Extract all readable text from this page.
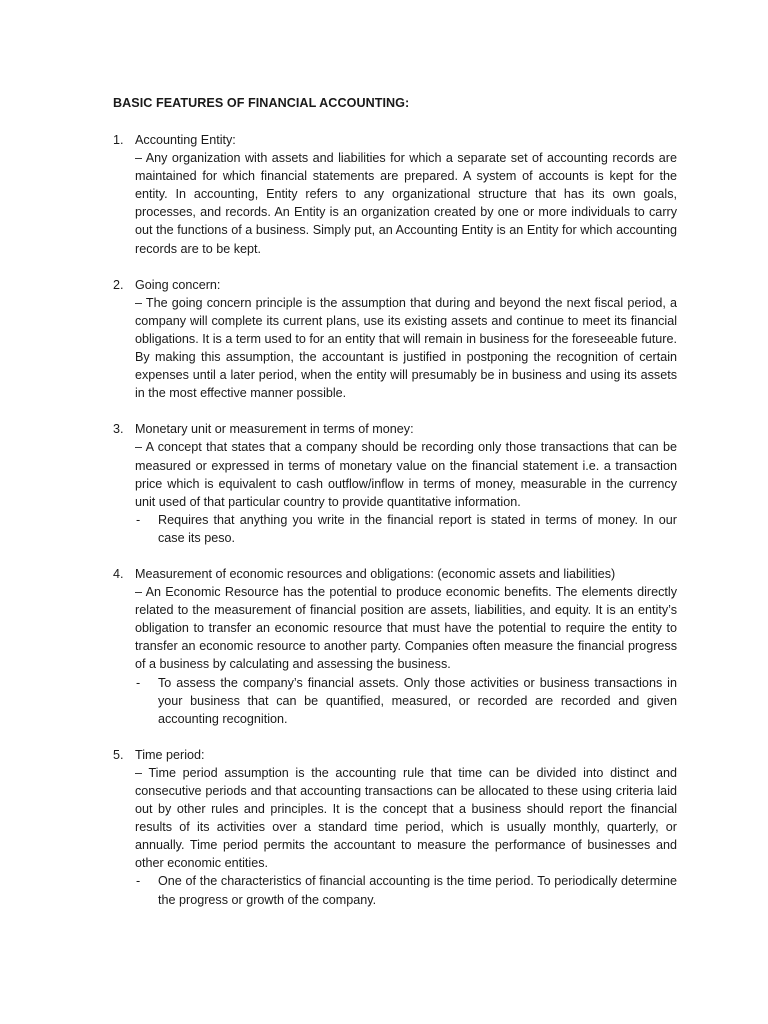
BASIC FEATURES OF FINANCIAL ACCOUNTING:
1. Accounting Entity:

– Any organization with assets and liabilities for which a separate set of accounting records are maintained for which financial statements are prepared. A system of accounts is kept for the entity. In accounting, Entity refers to any organizational structure that has its own goals, processes, and records. An Entity is an organization created by one or more individuals to carry out the functions of a business. Simply put, an Accounting Entity is an Entity for which accounting records are to be kept.

2. Going concern:

– The going concern principle is the assumption that during and beyond the next fiscal period, a company will complete its current plans, use its existing assets and continue to meet its financial obligations. It is a term used to for an entity that will remain in business for the foreseeable future. By making this assumption, the accountant is justified in postponing the recognition of certain expenses until a later period, when the entity will presumably be in business and using its assets in the most effective manner possible.

3. Monetary unit or measurement in terms of money:

– A concept that states that a company should be recording only those transactions that can be measured or expressed in terms of monetary value on the financial statement i.e. a transaction price which is equivalent to cash outflow/inflow in terms of money, measurable in the currency unit used of that particular country to provide quantitative information.

- Requires that anything you write in the financial report is stated in terms of money. In our case its peso.
4. Measurement of economic resources and obligations: (economic assets and liabilities)

– An Economic Resource has the potential to produce economic benefits. The elements directly related to the measurement of financial position are assets, liabilities, and equity. It is an entity’s obligation to transfer an economic resource that must have the potential to require the entity to transfer an economic resource to another party. Companies often measure the financial progress of a business by calculating and assessing the business.

- To assess the company’s financial assets. Only those activities or business transactions in your business that can be quantified, measured, or recorded are recorded and given accounting recognition.
5. Time period:

– Time period assumption is the accounting rule that time can be divided into distinct and consecutive periods and that accounting transactions can be allocated to these using criteria laid out by other rules and principles. It is the concept that a business should report the financial results of its activities over a standard time period, which is usually monthly, quarterly, or annually. Time period permits the accountant to measure the performance of businesses and other economic entities.

- One of the characteristics of financial accounting is the time period. To periodically determine the progress or growth of the company.
